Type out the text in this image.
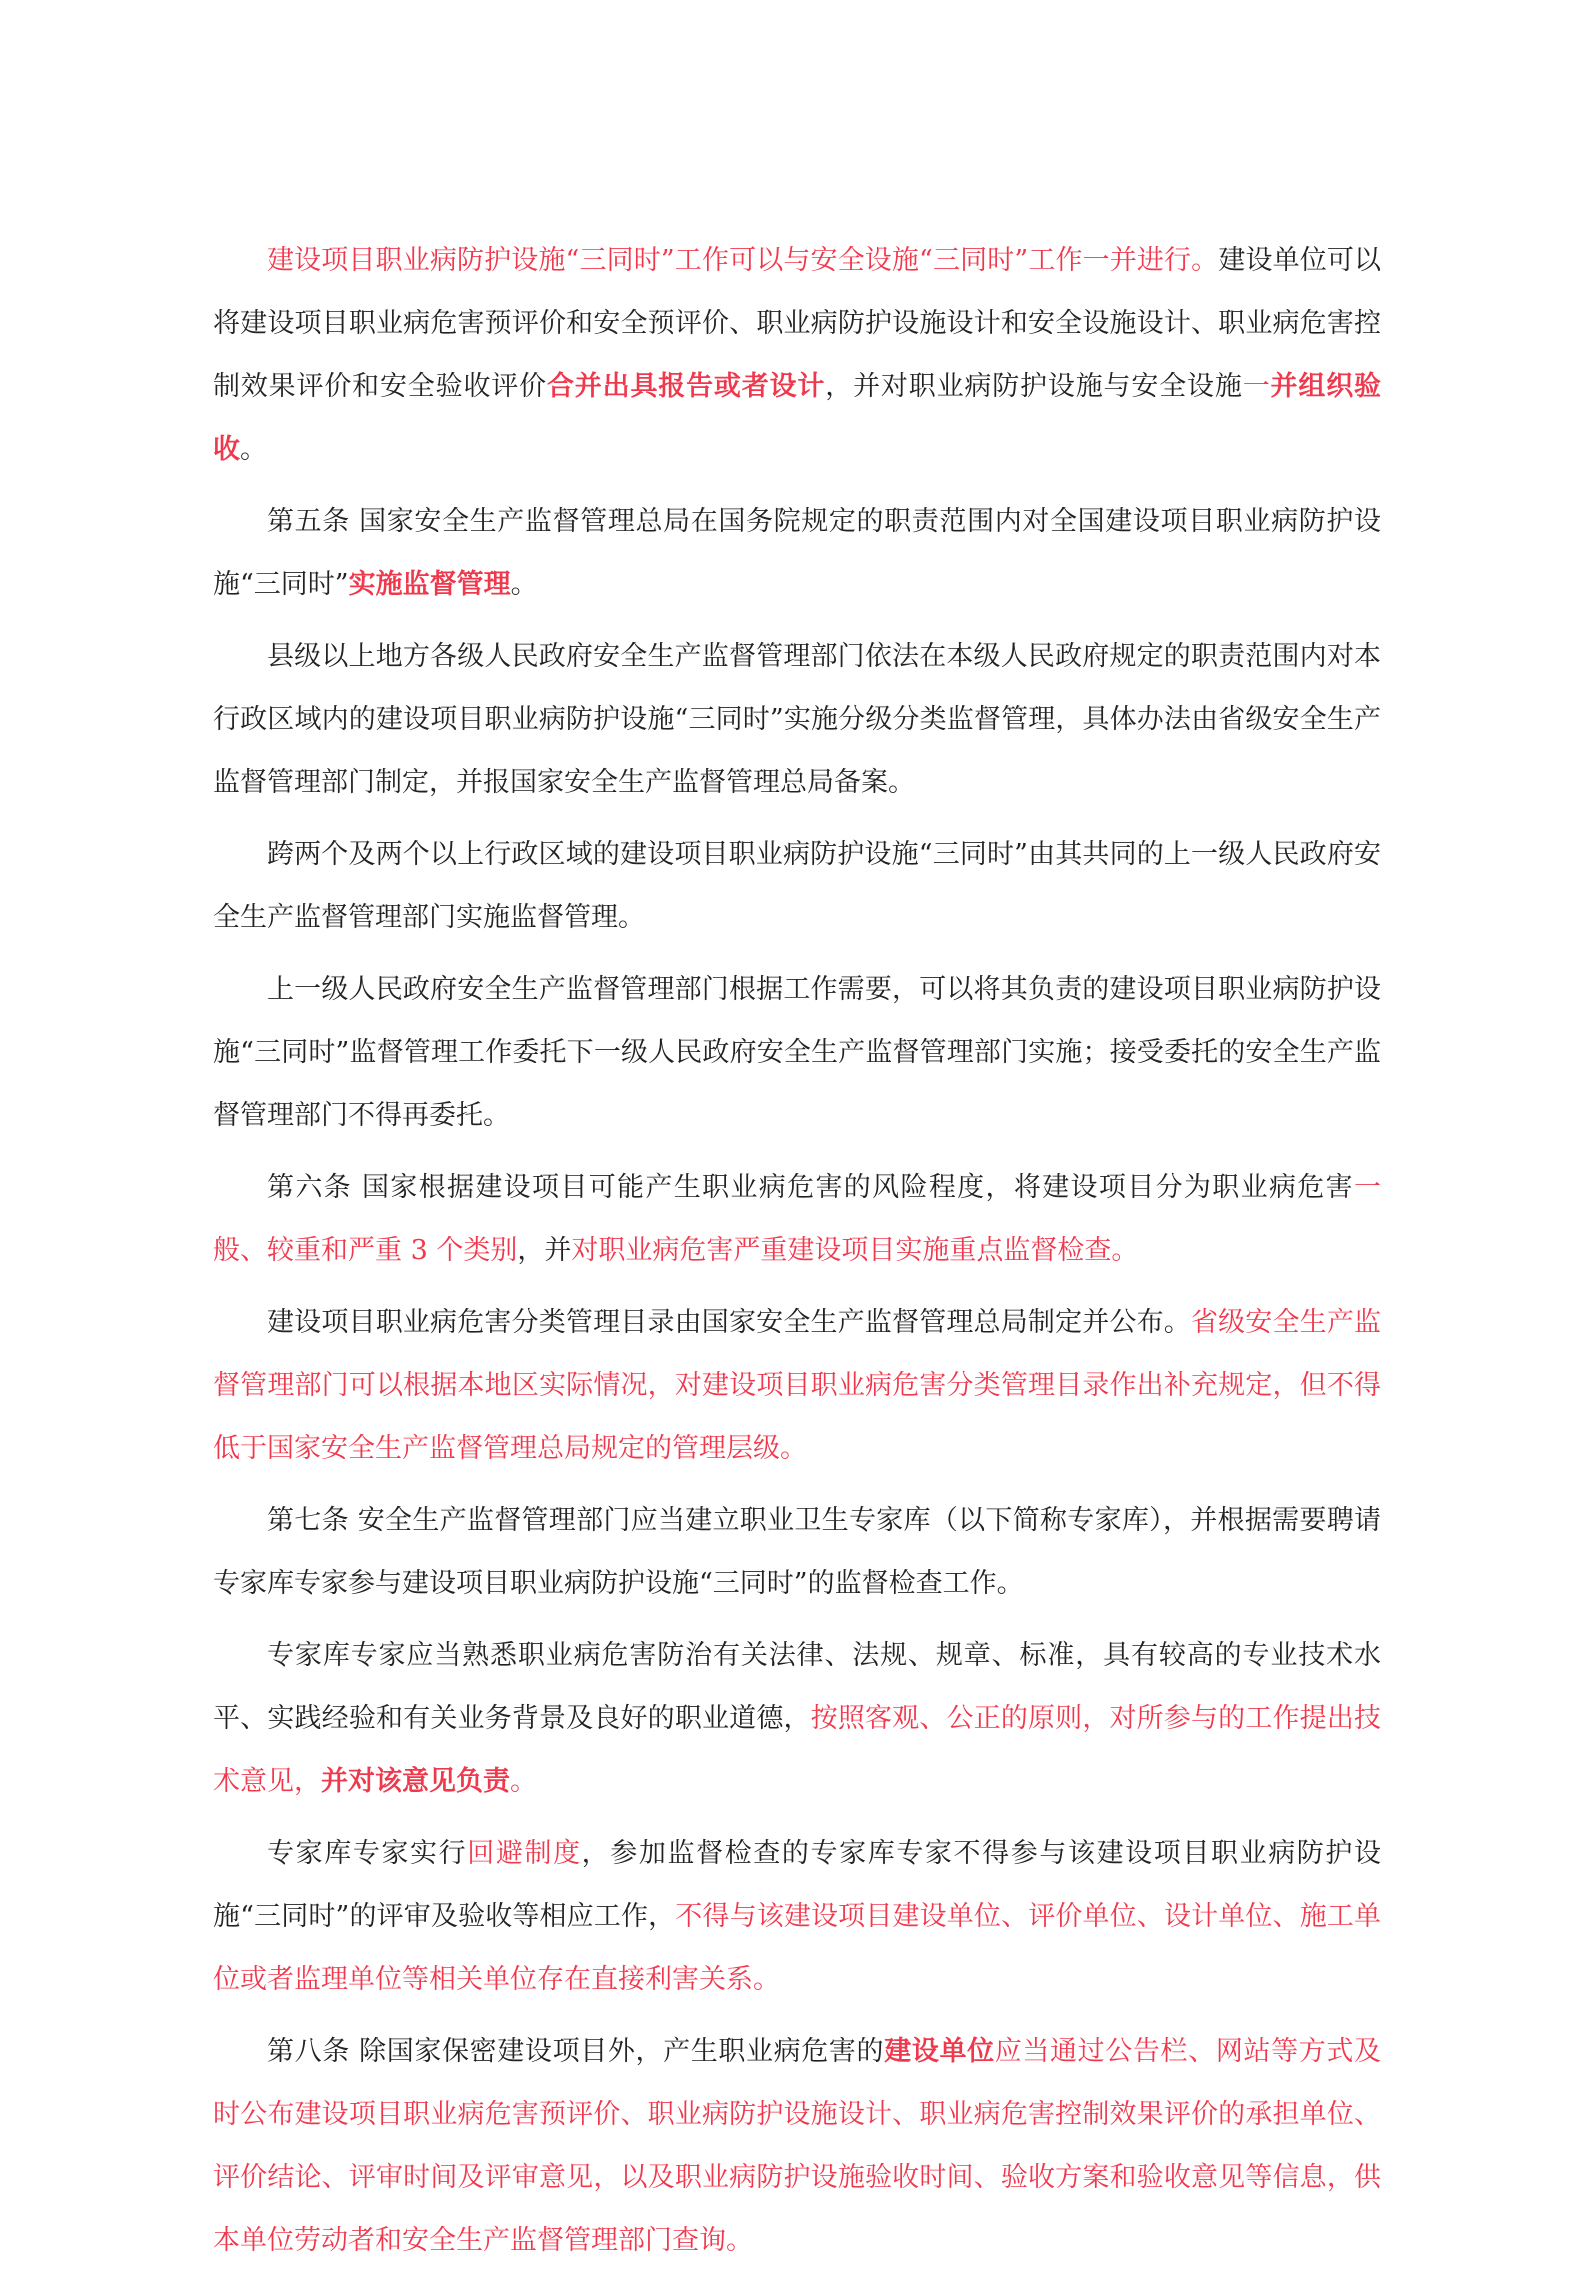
建设项目职业病防护设施“三同时”工作可以与安全设施“三同时”工作一并进行。建设单位可以将建设项目职业病危害预评价和安全预评价、职业病防护设施设计和安全设施设计、职业病危害控制效果评价和安全验收评价合并出具报告或者设计，并对职业病防护设施与安全设施一并组织验收。

第五条 国家安全生产监督管理总局在国务院规定的职责范围内对全国建设项目职业病防护设施“三同时”实施监督管理。

县级以上地方各级人民政府安全生产监督管理部门依法在本级人民政府规定的职责范围内对本行政区域内的建设项目职业病防护设施“三同时”实施分级分类监督管理，具体办法由省级安全生产监督管理部门制定，并报国家安全生产监督管理总局备案。

跨两个及两个以上行政区域的建设项目职业病防护设施“三同时”由其共同的上一级人民政府安全生产监督管理部门实施监督管理。

上一级人民政府安全生产监督管理部门根据工作需要，可以将其负责的建设项目职业病防护设施“三同时”监督管理工作委托下一级人民政府安全生产监督管理部门实施；接受委托的安全生产监督管理部门不得再委托。

第六条 国家根据建设项目可能产生职业病危害的风险程度，将建设项目分为职业病危害一般、较重和严重 3 个类别，并对职业病危害严重建设项目实施重点监督检查。

建设项目职业病危害分类管理目录由国家安全生产监督管理总局制定并公布。省级安全生产监督管理部门可以根据本地区实际情况，对建设项目职业病危害分类管理目录作出补充规定，但不得低于国家安全生产监督管理总局规定的管理层级。

第七条 安全生产监督管理部门应当建立职业卫生专家库（以下简称专家库），并根据需要聘请专家库专家参与建设项目职业病防护设施“三同时”的监督检查工作。

专家库专家应当熟悉职业病危害防治有关法律、法规、规章、标准，具有较高的专业技术水平、实践经验和有关业务背景及良好的职业道德，按照客观、公正的原则，对所参与的工作提出技术意见，并对该意见负责。

专家库专家实行回避制度，参加监督检查的专家库专家不得参与该建设项目职业病防护设施“三同时”的评审及验收等相应工作，不得与该建设项目建设单位、评价单位、设计单位、施工单位或者监理单位等相关单位存在直接利害关系。

第八条 除国家保密建设项目外，产生职业病危害的建设单位应当通过公告栏、网站等方式及时公布建设项目职业病危害预评价、职业病防护设施设计、职业病危害控制效果评价的承担单位、评价结论、评审时间及评审意见，以及职业病防护设施验收时间、验收方案和验收意见等信息，供本单位劳动者和安全生产监督管理部门查询。
